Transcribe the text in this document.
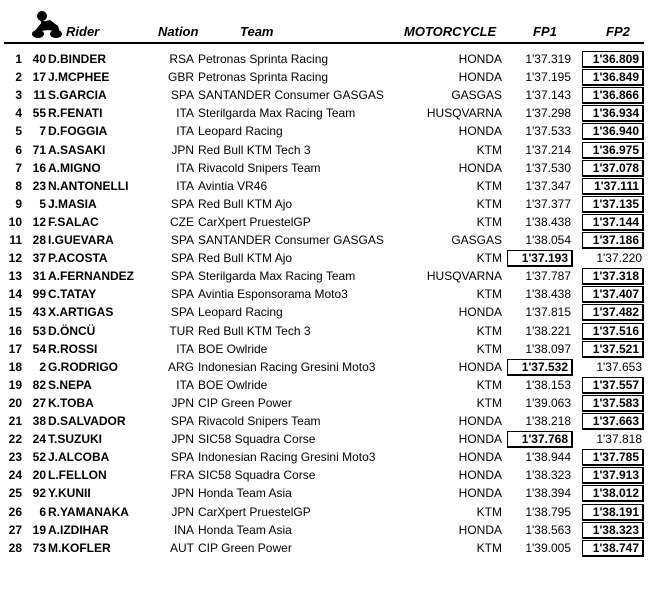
Rider	Nation	Team	MOTORCYCLE	FP1	FP2
1 40 D.BINDER	RSA Petronas Sprinta Racing	HONDA	1'37.319	1'36.809
2 17 J.MCPHEE	GBR Petronas Sprinta Racing	HONDA	1'37.195	1'36.849
3 11 S.GARCIA	SPA SANTANDER Consumer GASGAS	GASGAS	1'37.143	1'36.866
4 55 R.FENATI	ITA Sterilgarda Max Racing Team	HUSQVARNA	1'37.298	1'36.934
5	7 D.FOGGIA	ITA Leopard Racing	HONDA	1'37.533	1'36.940
6 71 A.SASAKI	JPN Red Bull KTM Tech 3	KTM	1'37.214	1'36.975
7 16 A.MIGNO	ITA Rivacold Snipers Team	HONDA	1'37.530	1'37.078
8 23 N.ANTONELLI	ITA Avintia VR46	KTM	1'37.347	1'37.111
9	5 J.MASIA	SPA Red Bull KTM Ajo	KTM	1'37.377	1'37.135
10 12 F.SALAC	CZE CarXpert PruestelGP	KTM	1'38.438	1'37.144
11 28 I.GUEVARA	SPA SANTANDER Consumer GASGAS	GASGAS	1'38.054	1'37.186
12 37 P.ACOSTA	SPA Red Bull KTM Ajo	KTM	1'37.193	1'37.220
13 31 A.FERNANDEZ	SPA Sterilgarda Max Racing Team	HUSQVARNA	1'37.787	1'37.318
14 99 C.TATAY	SPA Avintia Esponsorama Moto3	KTM	1'38.438	1'37.407
15 43 X.ARTIGAS	SPA Leopard Racing	HONDA	1'37.815	1'37.482
16 53 D.ÖNCÜ	TUR Red Bull KTM Tech 3	KTM	1'38.221	1'37.516
17 54 R.ROSSI	ITA BOE Owlride	KTM	1'38.097	1'37.521
18	2 G.RODRIGO	ARG Indonesian Racing Gresini Moto3	HONDA	1'37.532	1'37.653
19 82 S.NEPA	ITA BOE Owlride	KTM	1'38.153	1'37.557
20 27 K.TOBA	JPN CIP Green Power	KTM	1'39.063	1'37.583
21 38 D.SALVADOR	SPA Rivacold Snipers Team	HONDA	1'38.218	1'37.663
22 24 T.SUZUKI	JPN SIC58 Squadra Corse	HONDA	1'37.768	1'37.818
23 52 J.ALCOBA	SPA Indonesian Racing Gresini Moto3	HONDA	1'38.944	1'37.785
24 20 L.FELLON	FRA SIC58 Squadra Corse	HONDA	1'38.323	1'37.913
25 92 Y.KUNII	JPN Honda Team Asia	HONDA	1'38.394	1'38.012
26	6 R.YAMANAKA	JPN CarXpert PruestelGP	KTM	1'38.795	1'38.191
27 19 A.IZDIHAR	INA Honda Team Asia	HONDA	1'38.563	1'38.323
28 73 M.KOFLER	AUT CIP Green Power	KTM	1'39.005	1'38.747
